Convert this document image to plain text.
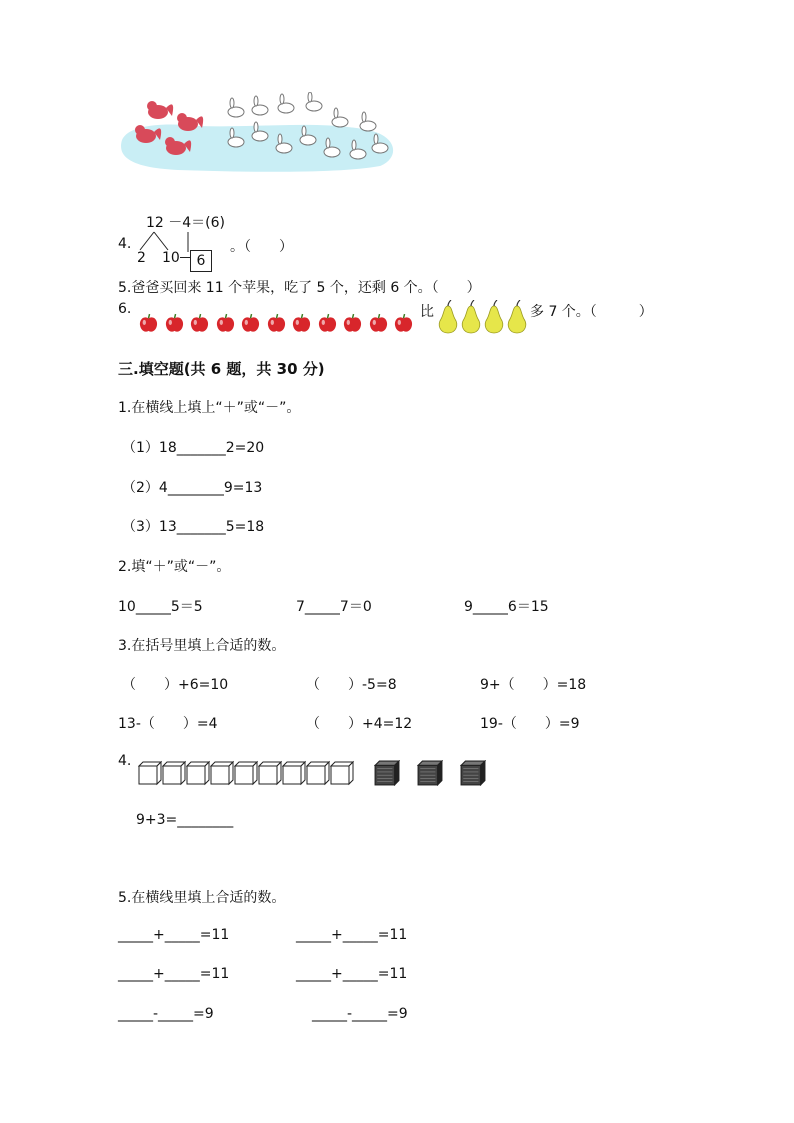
12 －4＝(6)
4.
2 10	6
。（　　）
5.爸爸买回来 11 个苹果，吃了 5 个，还剩 6 个。（　　）
6.	比	多 7 个。（　　　）
三.填空题(共 6 题，共 30 分)
1.在横线上填上“＋”或“－”。
（1）18_______2=20
（2）4________9=13
（3）13_______5=18
2.填“＋”或“－”。
10_____5＝5	7_____7＝0	9_____6＝15
3.在括号里填上合适的数。
（　　）+6=10	（　　）-5=8	9+（　　）=18
13-（　　）=4	（　　）+4=12	19-（　　）=9
4.
9+3=________
5.在横线里填上合适的数。
_____+_____=11	_____+_____=11
_____+_____=11	_____+_____=11
_____-_____=9	_____-_____=9
